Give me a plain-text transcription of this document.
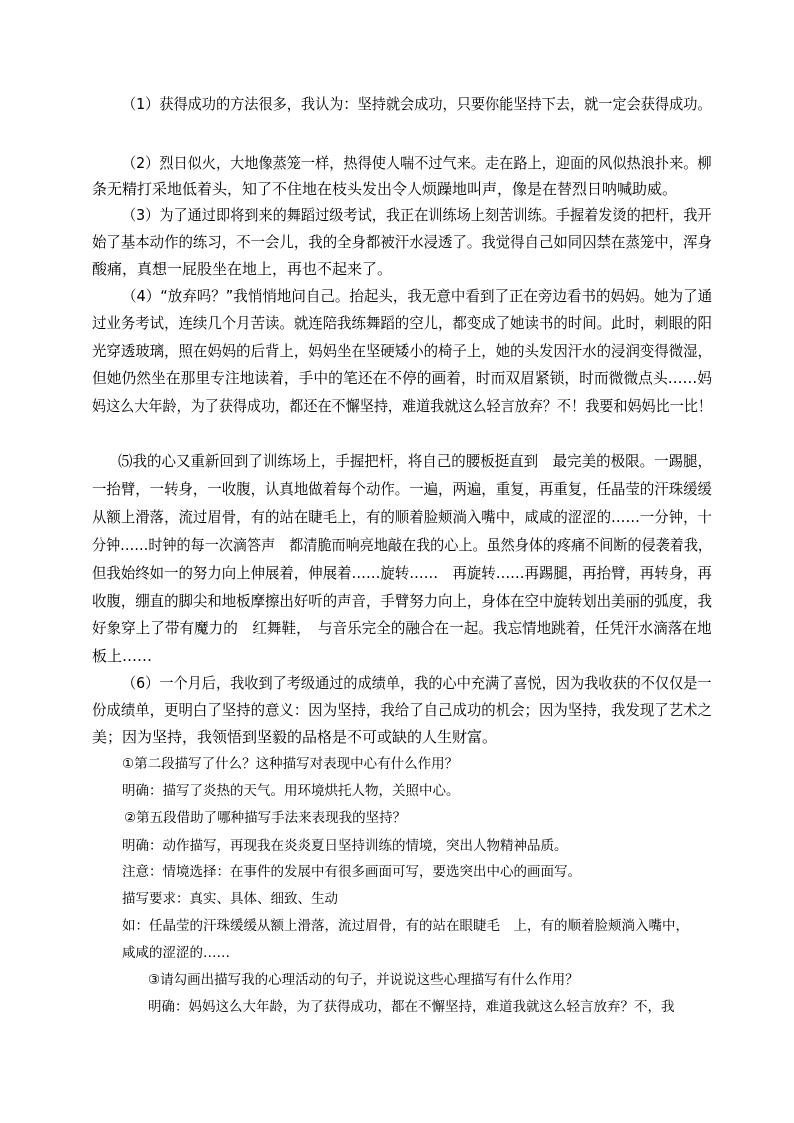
（1）获得成功的方法很多，我认为：坚持就会成功，只要你能坚持下去，就一定会获得成功。
（2）烈日似火，大地像蒸笼一样，热得使人喘不过气来。走在路上，迎面的风似热浪扑来。柳
条无精打采地低着头，知了不住地在枝头发出令人烦躁地叫声，像是在替烈日呐喊助威。
（3）为了通过即将到来的舞蹈过级考试，我正在训练场上刻苦训练。手握着发烫的把杆，我开
始了基本动作的练习，不一会儿，我的全身都被汗水浸透了。我觉得自己如同囚禁在蒸笼中，浑身
酸痛，真想一屁股坐在地上，再也不起来了。
（4）“放弃吗？”我悄悄地问自己。抬起头，我无意中看到了正在旁边看书的妈妈。她为了通
过业务考试，连续几个月苦读。就连陪我练舞蹈的空儿，都变成了她读书的时间。此时，刺眼的阳
光穿透玻璃，照在妈妈的后背上，妈妈坐在坚硬矮小的椅子上，她的头发因汗水的浸润变得微湿，
但她仍然坐在那里专注地读着，手中的笔还在不停的画着，时而双眉紧锁，时而微微点头……妈
妈这么大年龄，为了获得成功，都还在不懈坚持，难道我就这么轻言放弃？不！我要和妈妈比一比！
⑸我的心又重新回到了训练场上，手握把杆，将自己的腰板挺直到　最完美的极限。一踢腿，
一抬臂，一转身，一收腹，认真地做着每个动作。一遍，两遍，重复，再重复，任晶莹的汗珠缓缓
从额上滑落，流过眉骨，有的站在睫毛上，有的顺着脸颊淌入嘴中，咸咸的涩涩的……一分钟，十
分钟……时钟的每一次滴答声　都清脆而响亮地敲在我的心上。虽然身体的疼痛不间断的侵袭着我，
但我始终如一的努力向上伸展着，伸展着……旋转……　再旋转……再踢腿，再抬臂，再转身，再
收腹，绷直的脚尖和地板摩擦出好听的声音，手臂努力向上，身体在空中旋转划出美丽的弧度，我
好象穿上了带有魔力的　红舞鞋，　与音乐完全的融合在一起。我忘情地跳着，任凭汗水滴落在地
板上……
（6）一个月后，我收到了考级通过的成绩单，我的心中充满了喜悦，因为我收获的不仅仅是一
份成绩单，更明白了坚持的意义：因为坚持，我给了自己成功的机会；因为坚持，我发现了艺术之
美；因为坚持，我领悟到坚毅的品格是不可或缺的人生财富。
①第二段描写了什么？这种描写对表现中心有什么作用？
明确：描写了炎热的天气。用环境烘托人物，关照中心。
②第五段借助了哪种描写手法来表现我的坚持？
明确：动作描写，再现我在炎炎夏日坚持训练的情境，突出人物精神品质。
注意：情境选择：在事件的发展中有很多画面可写，要选突出中心的画面写。
描写要求：真实、具体、细致、生动
如：任晶莹的汗珠缓缓从额上滑落，流过眉骨，有的站在眼睫毛　上，有的顺着脸颊淌入嘴中，
咸咸的涩涩的……
③请勾画出描写我的心理活动的句子，并说说这些心理描写有什么作用？
明确：妈妈这么大年龄，为了获得成功，都在不懈坚持，难道我就这么轻言放弃？不，我
